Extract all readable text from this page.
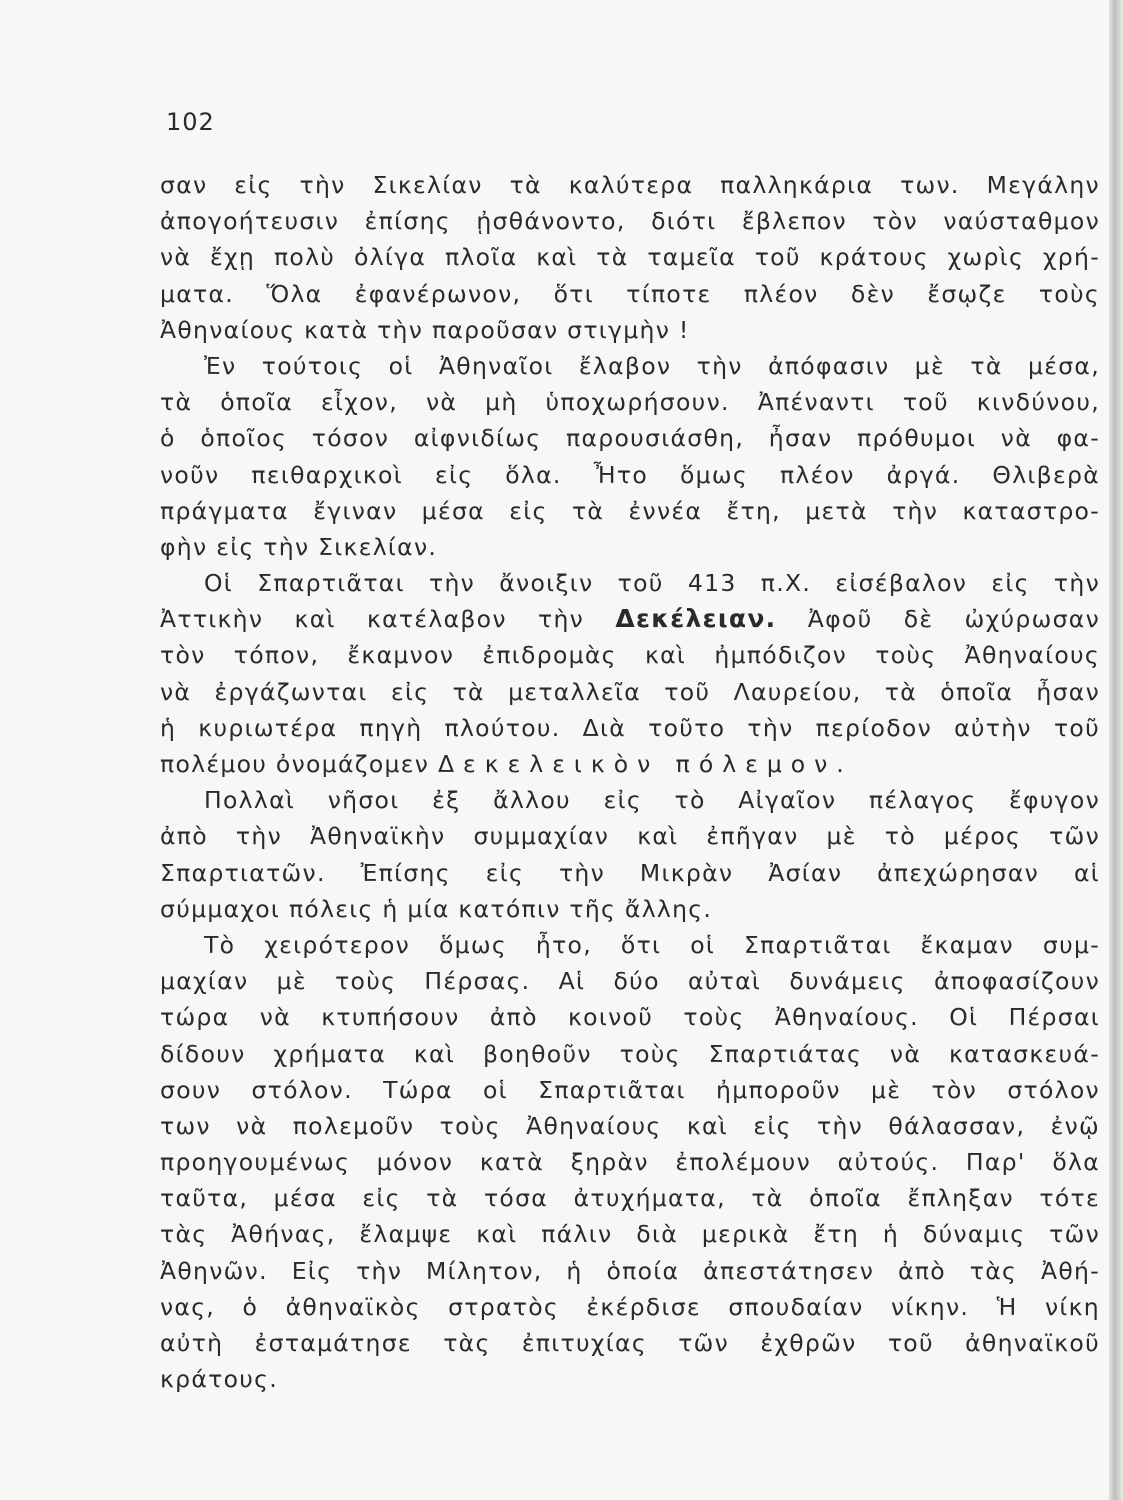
102
σαν εἰς τὴν Σικελίαν τὰ καλύτερα παλληκάρια των. Μεγάλην
ἀπογοήτευσιν ἐπίσης ᾐσθάνοντο, διότι ἔβλεπον τὸν ναύσταθμον
νὰ ἔχῃ πολὺ ὀλίγα πλοῖα καὶ τὰ ταμεῖα τοῦ κράτους χωρὶς χρή-
ματα. Ὅλα ἐφανέρωνον, ὅτι τίποτε πλέον δὲν ἔσῳζε τοὺς
Ἀθηναίους κατὰ τὴν παροῦσαν στιγμὴν !
Ἐν τούτοις οἱ Ἀθηναῖοι ἔλαβον τὴν ἀπόφασιν μὲ τὰ μέσα,
τὰ ὁποῖα εἶχον, νὰ μὴ ὑποχωρήσουν. Ἀπέναντι τοῦ κινδύνου,
ὁ ὁποῖος τόσον αἰφνιδίως παρουσιάσθη, ἦσαν πρόθυμοι νὰ φα-
νοῦν πειθαρχικοὶ εἰς ὅλα. Ἦτο ὅμως πλέον ἀργά. Θλιβερὰ
πράγματα ἔγιναν μέσα εἰς τὰ ἐννέα ἔτη, μετὰ τὴν καταστρο-
φὴν εἰς τὴν Σικελίαν.
Οἱ Σπαρτιᾶται τὴν ἄνοιξιν τοῦ 413 π.Χ. εἰσέβαλον εἰς τὴν
Ἀττικὴν καὶ κατέλαβον τὴν Δεκέλειαν. Ἀφοῦ δὲ ὠχύρωσαν
τὸν τόπον, ἔκαμνον ἐπιδρομὰς καὶ ἠμπόδιζον τοὺς Ἀθηναίους
νὰ ἐργάζωνται εἰς τὰ μεταλλεῖα τοῦ Λαυρείου, τὰ ὁποῖα ἦσαν
ἡ κυριωτέρα πηγὴ πλούτου. Διὰ τοῦτο τὴν περίοδον αὐτὴν τοῦ
πολέμου ὀνομάζομεν Δεκελεικὸν πόλεμον.
Πολλαὶ νῆσοι ἐξ ἄλλου εἰς τὸ Αἰγαῖον πέλαγος ἔφυγον
ἀπὸ τὴν Ἀθηναϊκὴν συμμαχίαν καὶ ἐπῆγαν μὲ τὸ μέρος τῶν
Σπαρτιατῶν. Ἐπίσης εἰς τὴν Μικρὰν Ἀσίαν ἀπεχώρησαν αἱ
σύμμαχοι πόλεις ἡ μία κατόπιν τῆς ἄλλης.
Τὸ χειρότερον ὅμως ἦτο, ὅτι οἱ Σπαρτιᾶται ἔκαμαν συμ-
μαχίαν μὲ τοὺς Πέρσας. Αἱ δύο αὐταὶ δυνάμεις ἀποφασίζουν
τώρα νὰ κτυπήσουν ἀπὸ κοινοῦ τοὺς Ἀθηναίους. Οἱ Πέρσαι
δίδουν χρήματα καὶ βοηθοῦν τοὺς Σπαρτιάτας νὰ κατασκευά-
σουν στόλον. Τώρα οἱ Σπαρτιᾶται ἠμποροῦν μὲ τὸν στόλον
των νὰ πολεμοῦν τοὺς Ἀθηναίους καὶ εἰς τὴν θάλασσαν, ἐνῷ
προηγουμένως μόνον κατὰ ξηρὰν ἐπολέμουν αὐτούς. Παρ' ὅλα
ταῦτα, μέσα εἰς τὰ τόσα ἀτυχήματα, τὰ ὁποῖα ἔπληξαν τότε
τὰς Ἀθήνας, ἔλαμψε καὶ πάλιν διὰ μερικὰ ἔτη ἡ δύναμις τῶν
Ἀθηνῶν. Εἰς τὴν Μίλητον, ἡ ὁποία ἀπεστάτησεν ἀπὸ τὰς Ἀθή-
νας, ὁ ἀθηναϊκὸς στρατὸς ἐκέρδισε σπουδαίαν νίκην. Ἡ νίκη
αὐτὴ ἐσταμάτησε τὰς ἐπιτυχίας τῶν ἐχθρῶν τοῦ ἀθηναϊκοῦ
κράτους.
